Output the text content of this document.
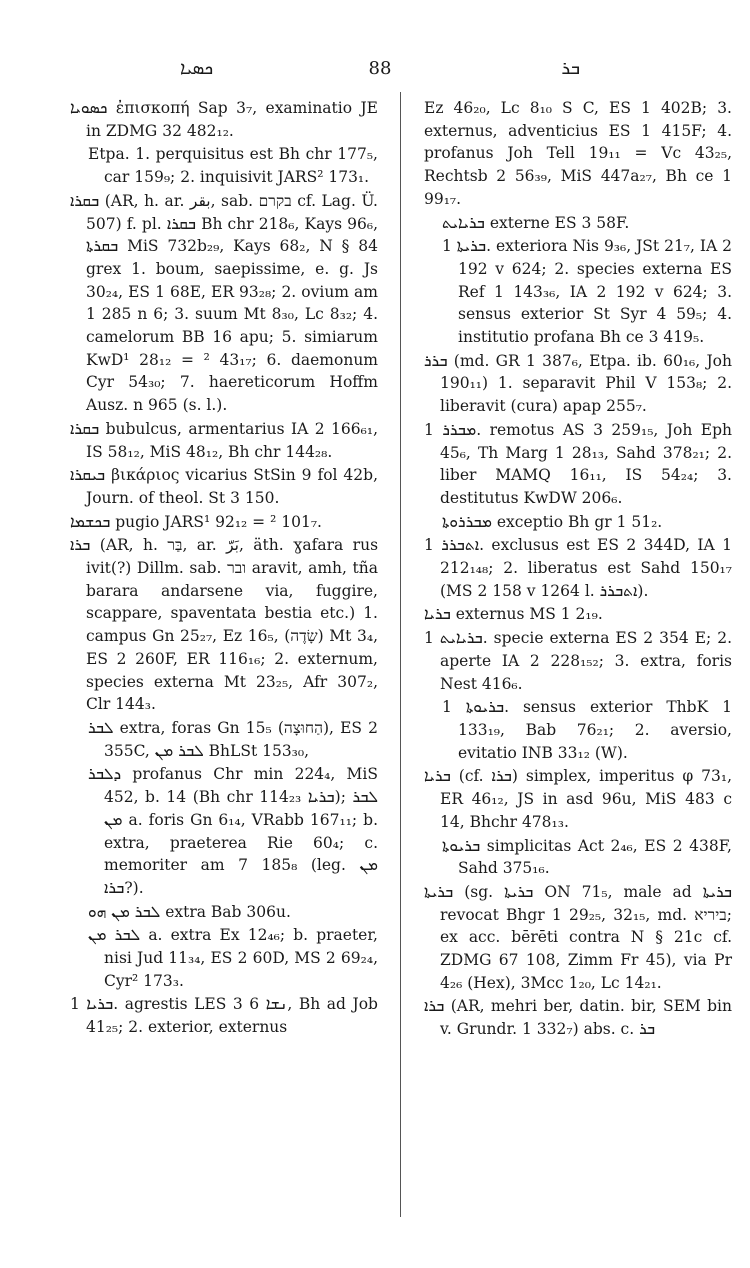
ܟܣܝܐ	88	ܒܪ

ܟܣܘܝܐ ἐπισκοπή Sap 3₇, examinatio JE in ZDMG 32 482₁₂.

Etpa. 1. perquisitus est Bh chr 177₅, car 159₉; 2. inquisivit JARS² 173₁.

ܒܩܪܐ (AR, h. ar. بقر, sab. בקרם cf. Lag. Ü. 507) f. pl. ܒܩܪܐ Bh chr 218₆, Kays 96₆, ܒܩܪܬܐ MiS 732b₂₉, Kays 68₂, N § 84 grex 1. boum, saepissime, e. g. Js 30₂₄, ES 1 68E, ER 93₂₈; 2. ovium am 1 285 n 6; 3. suum Mt 8₃₀, Lc 8₃₂; 4. camelorum BB 16 apu; 5. simiarum KwD¹ 28₁₂ = ² 43₁₇; 6. daemonum Cyr 54₃₀; 7. haereticorum Hoffm Ausz. n 965 (s. l.).

ܒܩܪܐ bubulcus, armentarius IA 2 166₆₁, IS 58₁₂, MiS 48₁₂, Bh chr 144₂₈.

ܒܝܩܪܐ βικάριος vicarius StSin 9 fol 42b, Journ. of theol. St 3 150.

ܒܟܫܡܐ pugio JARS¹ 92₁₂ = ² 101₇.

ܒܪܐ (AR, h. בַּר, ar. بَرّ, äth. ɣafara rus ivit(?) Dillm. sab. ובר aravit, amh, tña barara andarsene via, fuggire, scappare, spaventata bestia etc.) 1. campus Gn 25₂₇, Ez 16₅, (שָׂדֶה) Mt 3₄, ES 2 260F, ER 116₁₆; 2. externum, species externa Mt 23₂₅, Afr 307₂, Clr 144₃.

ܠܒܪ extra, foras Gn 15₅ (הַחוּצָה), ES 2 355C, ܠܒܪ ܡܢ BhLSt 153₃₀,

ܕܠܒܪ profanus Chr min 224₄, MiS 452, b. 14 (Bh chr 114₂₃ ܒܪܝܐ); ܠܒܪ ܡܢ a. foris Gn 6₁₄, VRabb 167₁₁; b. extra, praeterea Rie 60₄; c. memoriter am 7 185₈ (leg. ܡܢ ܒܪܐ?).

ܠܒܪ ܡܢ ܗܘ extra Bab 306u.

ܠܒܪ ܡܢ a. extra Ex 12₄₆; b. praeter, nisi Jud 11₃₄, ES 2 60D, MS 2 69₂₄, Cyr² 173₃.

ܒܪܝܐ 1. agrestis LES 3 ܢܫܐ 6, Bh ad Job 41₂₅; 2. exterior, externus

Ez 46₂₀, Lc 8₁₀ S C, ES 1 402B; 3. externus, adventicius ES 1 415F; 4. profanus Joh Tell 19₁₁ = Vc 43₂₅, Rechtsb 2 56₃₉, MiS 447a₂₇, Bh ce 1 99₁₇.

ܒܪܝܐܝܬ externe ES 3 58F.

ܒܪܝܬܐ 1. exteriora Nis 9₃₆, JSt 21₇, IA 2 192 v 624; 2. species externa ES Ref 1 143₃₆, IA 2 192 v 624; 3. sensus exterior St Syr 4 59₅; 4. institutio profana Bh ce 3 419₅.

ܒܪܪ (md. GR 1 387₆, Etpa. ib. 60₁₆, Joh 190₁₁) 1. separavit Phil V 153₈; 2. liberavit (cura) apap 255₇.

ܡܒܪܪ 1. remotus AS 3 259₁₅, Joh Eph 45₆, Th Marg 1 28₁₃, Sahd 378₂₁; 2. liber MAMQ 16₁₁, IS 54₂₄; 3. destitutus KwDW 206₆.

ܡܒܪܪܘܬܐ exceptio Bh gr 1 51₂.

ܐܬܒܪܪ 1. exclusus est ES 2 344D, IA 1 212₁₄₈; 2. liberatus est Sahd 150₁₇ (MS 2 158 v 1264 l. ܐܬܒܪܪ).

ܒܪܝܐ externus MS 1 2₁₉.

ܒܪܝܐܝܬ 1. specie externa ES 2 354 E; 2. aperte IA 2 228₁₅₂; 3. extra, foris Nest 416₆.

ܒܪܝܘܬܐ 1. sensus exterior ThbK 1 133₁₉, Bab 76₂₁; 2. aversio, evitatio INB 33₁₂ (W).

ܒܪܝܐ (cf. ܒܪܐ) simplex, imperitus φ 73₁, ER 46₁₂, JS in asd 96u, MiS 483 c 14, Bhchr 478₁₃.

ܒܪܝܘܬܐ simplicitas Act 2₄₆, ES 2 438F, Sahd 375₁₆.

ܒܪܝܬܐ (sg. ܒܪܝܬܐ ON 71₅, male ad ܒܪܝܬܐ revocat Bhgr 1 29₂₅, 32₁₅, md. ביריא; ex acc. bērēti contra N § 21c cf. ZDMG 67 108, Zimm Fr 45), via Pr 4₂₆ (Hex), 3Mcc 1₂₀, Lc 14₂₁.

ܒܪܐ (AR, mehri ber, datin. bir, SEM bin v. Grundr. 1 332₇) abs. c. ܒܪ
